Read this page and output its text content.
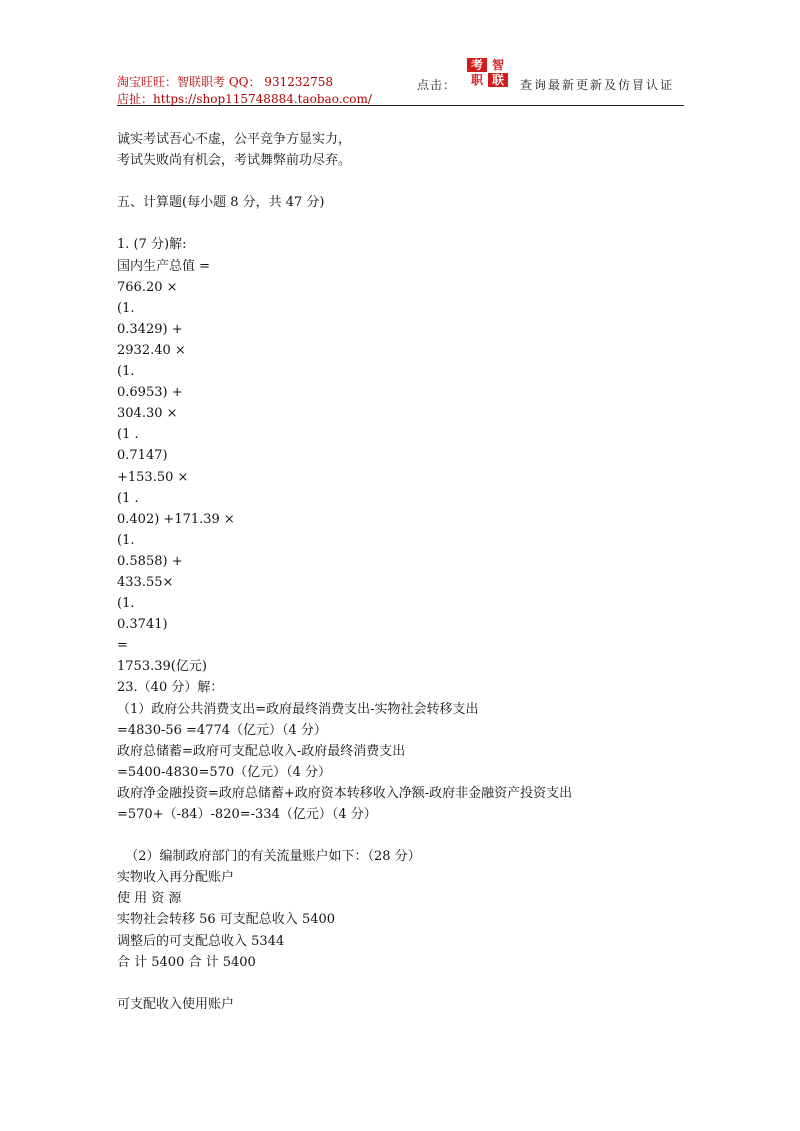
淘宝旺旺：智联职考 QQ： 931232758
店扯：https://shop115748884.taobao.com/
点击：
考 智
职 联	查询最新更新及仿冒认证
诚实考试吾心不虚，公平竞争方显实力，
考试失败尚有机会，考试舞弊前功尽弃。
五、计算题(每小题 8 分，共 47 分)
1. (7 分)解:
国内生产总值 =
766.20 ×
(1.
0.3429) +
2932.40 ×
(1.
0.6953) +
304.30 ×
(1 .
0.7147)
+153.50 ×
(1 .
0.402) +171.39 ×
(1.
0.5858) +
433.55×
(1.
0.3741)
=
1753.39(亿元)
23.（40 分）解：
（1）政府公共消费支出=政府最终消费支出-实物社会转移支出
=4830-56 =4774（亿元）（4 分）
政府总储蓄=政府可支配总收入-政府最终消费支出
=5400-4830=570（亿元）（4 分）
政府净金融投资=政府总储蓄+政府资本转移收入净额-政府非金融资产投资支出
=570+（-84）-820=-334（亿元）（4 分）
（2）编制政府部门的有关流量账户如下：（28 分）
实物收入再分配账户
使 用 资 源
实物社会转移 56 可支配总收入 5400
调整后的可支配总收入 5344
合 计 5400 合 计 5400
可支配收入使用账户
